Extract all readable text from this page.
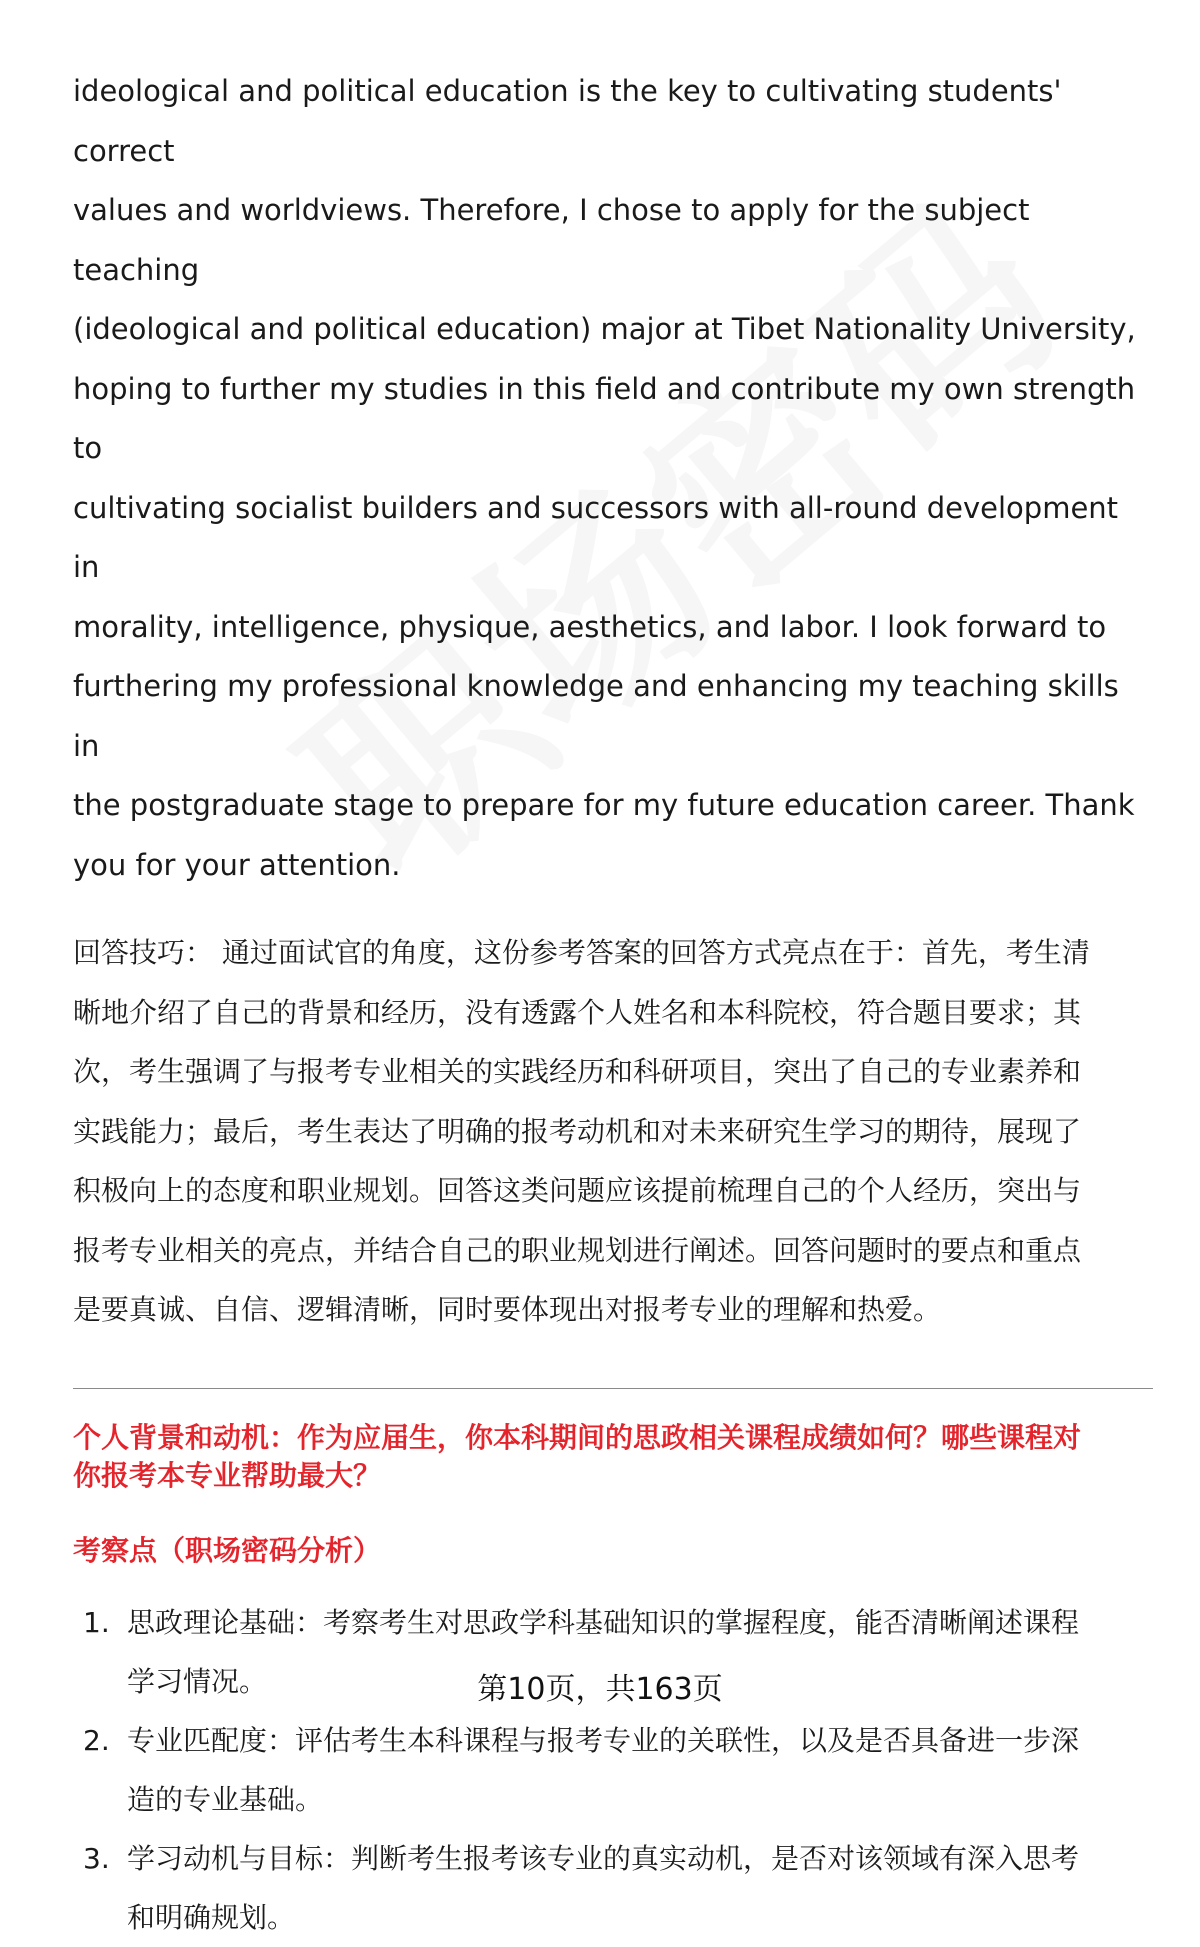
ideological and political education is the key to cultivating students' correct
values and worldviews. Therefore, I chose to apply for the subject teaching
(ideological and political education) major at Tibet Nationality University,
hoping to further my studies in this field and contribute my own strength to
cultivating socialist builders and successors with all-round development in
morality, intelligence, physique, aesthetics, and labor. I look forward to
furthering my professional knowledge and enhancing my teaching skills in
the postgraduate stage to prepare for my future education career. Thank
you for your attention.

回答技巧： 通过面试官的角度，这份参考答案的回答方式亮点在于：首先，考生清
晰地介绍了自己的背景和经历，没有透露个人姓名和本科院校，符合题目要求；其
次，考生强调了与报考专业相关的实践经历和科研项目，突出了自己的专业素养和
实践能力；最后，考生表达了明确的报考动机和对未来研究生学习的期待，展现了
积极向上的态度和职业规划。回答这类问题应该提前梳理自己的个人经历，突出与
报考专业相关的亮点，并结合自己的职业规划进行阐述。回答问题时的要点和重点
是要真诚、自信、逻辑清晰，同时要体现出对报考专业的理解和热爱。

个人背景和动机：作为应届生，你本科期间的思政相关课程成绩如何？哪些课程对
你报考本专业帮助最大？
考察点（职场密码分析）
1. 思政理论基础：考察考生对思政学科基础知识的掌握程度，能否清晰阐述课程
学习情况。
2. 专业匹配度：评估考生本科课程与报考专业的关联性，以及是否具备进一步深
造的专业基础。
3. 学习动机与目标：判断考生报考该专业的真实动机，是否对该领域有深入思考
和明确规划。
第10页，共163页
